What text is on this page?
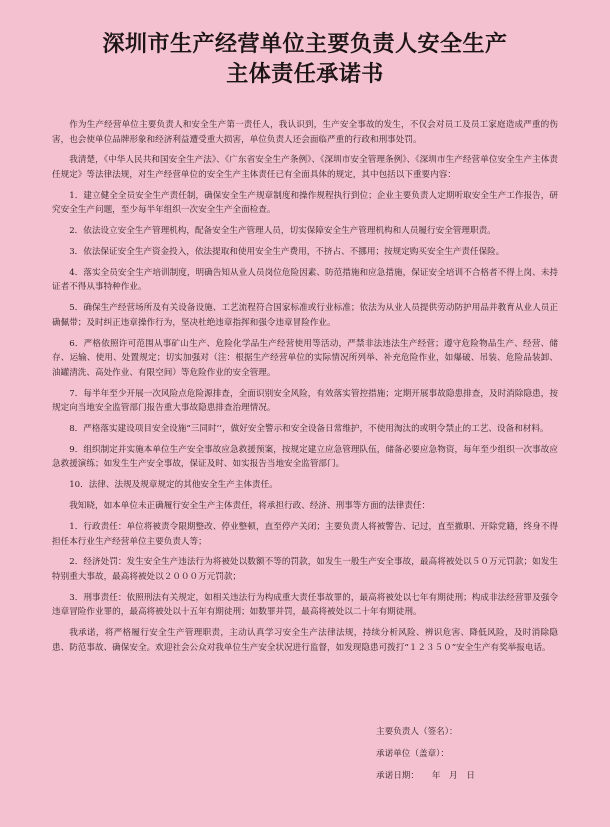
深圳市生产经营单位主要负责人安全生产
主体责任承诺书

作为生产经营单位主要负责人和安全生产第一责任人，我认识到，生产安全事故的发生，不仅会对员工及员工家庭造成严重的伤害，也会使单位品牌形象和经济利益遭受重大损害，单位负责人还会面临严重的行政和刑事处罚。

我清楚，《中华人民共和国安全生产法》、《广东省安全生产条例》、《深圳市安全管理条例》、《深圳市生产经营单位安全生产主体责任规定》等法律法规，对生产经营单位的安全生产主体责任已有全面具体的规定，其中包括以下重要内容：

1．建立健全全员安全生产责任制，确保安全生产规章制度和操作规程执行到位；企业主要负责人定期听取安全生产工作报告，研究安全生产问题，至少每半年组织一次安全生产全面检查。

2．依法设立安全生产管理机构，配备安全生产管理人员，切实保障安全生产管理机构和人员履行安全管理职责。

3．依法保证安全生产资金投入，依法提取和使用安全生产费用，不挤占、不挪用；按规定购买安全生产责任保险。

4．落实全员安全生产培训制度，明确告知从业人员岗位危险因素、防范措施和应急措施，保证安全培训不合格者不得上岗、未持证者不得从事特种作业。

5．确保生产经营场所及有关设备设施、工艺流程符合国家标准或行业标准；依法为从业人员提供劳动防护用品并教育从业人员正确佩带；及时纠正违章操作行为，坚决杜绝违章指挥和强令违章冒险作业。

6．严格依照许可范围从事矿山生产、危险化学品生产经营使用等活动，严禁非法违法生产经营；遵守危险物品生产、经营、储存、运输、使用、处置规定；切实加强对（注：根据生产经营单位的实际情况所列举、补充危险作业，如爆破、吊装、危险品装卸、油罐清洗、高处作业、有限空间）等危险作业的安全管理。

7．每半年至少开展一次风险点危险源排查，全面识别安全风险，有效落实管控措施；定期开展事故隐患排查，及时消除隐患，按规定向当地安全监管部门报告重大事故隐患排查治理情况。

8．严格落实建设项目安全设施“三同时’’，做好安全警示和安全设备日常维护，不使用淘汰的或明令禁止的工艺、设备和材料。

9．组织制定并实施本单位生产安全事故应急救援预案，按规定建立应急管理队伍，储备必要应急物资，每年至少组织一次事故应急救援演练；如发生生产安全事故，保证及时、如实报告当地安全监管部门。

10．法律、法规及规章规定的其他安全生产主体责任。

我知晓，如本单位未正确履行安全生产主体责任，将承担行政、经济、刑事等方面的法律责任：

1．行政责任：单位将被责令限期整改、停业整顿，直至停产关闭；主要负责人将被警告、记过，直至撤职、开除党籍，终身不得担任本行业生产经营单位主要负责人等；

2．经济处罚：发生安全生产违法行为将被处以数额不等的罚款，如发生一般生产安全事故，最高将被处以５０万元罚款；如发生特别重大事故，最高将被处以２０００万元罚款；

3．刑事责任：依照刑法有关规定，如相关违法行为构成重大责任事故罪的，最高将被处以七年有期徒刑；构成非法经营罪及强令违章冒险作业罪的，最高将被处以十五年有期徒刑；如数罪并罚，最高将被处以二十年有期徒刑。

我承诺，将严格履行安全生产管理职责，主动认真学习安全生产法律法规，持续分析风险、辨识危害、降低风险，及时消除隐患、防范事故、确保安全。欢迎社会公众对我单位生产安全状况进行监督，如发现隐患可拨打“１２３５０”安全生产有奖举报电话。

主要负责人（签名）：
承诺单位（盖章）：
承诺日期：　　年　月　日
